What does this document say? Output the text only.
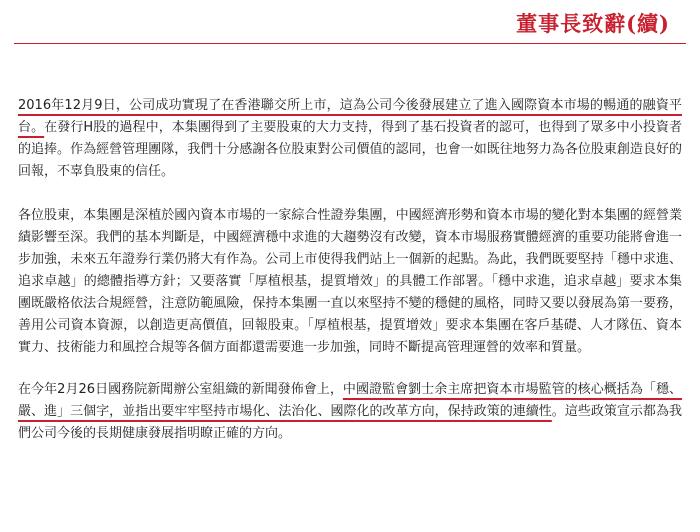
董事長致辭(續)

2016年12月9日，公司成功實現了在香港聯交所上市，這為公司今後發展建立了進入國際資本市場的暢通的融資平台。在發行H股的過程中，本集團得到了主要股東的大力支持，得到了基石投資者的認可，也得到了眾多中小投資者的追捧。作為經營管理團隊，我們十分感謝各位股東對公司價值的認同，也會一如既往地努力為各位股東創造良好的回報，不辜負股東的信任。

各位股東，本集團是深植於國內資本市場的一家綜合性證券集團，中國經濟形勢和資本市場的變化對本集團的經營業績影響至深。我們的基本判斷是，中國經濟穩中求進的大趨勢沒有改變，資本市場服務實體經濟的重要功能將會進一步加強，未來五年證券行業仍將大有作為。公司上市使得我們站上一個新的起點。為此，我們既要堅持「穩中求進、追求卓越」的總體指導方針；又要落實「厚植根基，提質增效」的具體工作部署。「穩中求進，追求卓越」要求本集團既嚴格依法合規經營，注意防範風險，保持本集團一直以來堅持不變的穩健的風格，同時又要以發展為第一要務，善用公司資本資源，以創造更高價值，回報股東。「厚植根基，提質增效」要求本集團在客戶基礎、人才隊伍、資本實力、技術能力和風控合規等各個方面都還需要進一步加強，同時不斷提高管理運營的效率和質量。

在今年2月26日國務院新聞辦公室組織的新聞發佈會上，中國證監會劉士余主席把資本市場監管的核心概括為「穩、嚴、進」三個字，並指出要牢牢堅持市場化、法治化、國際化的改革方向，保持政策的連續性。這些政策宣示都為我們公司今後的長期健康發展指明瞭正確的方向。
